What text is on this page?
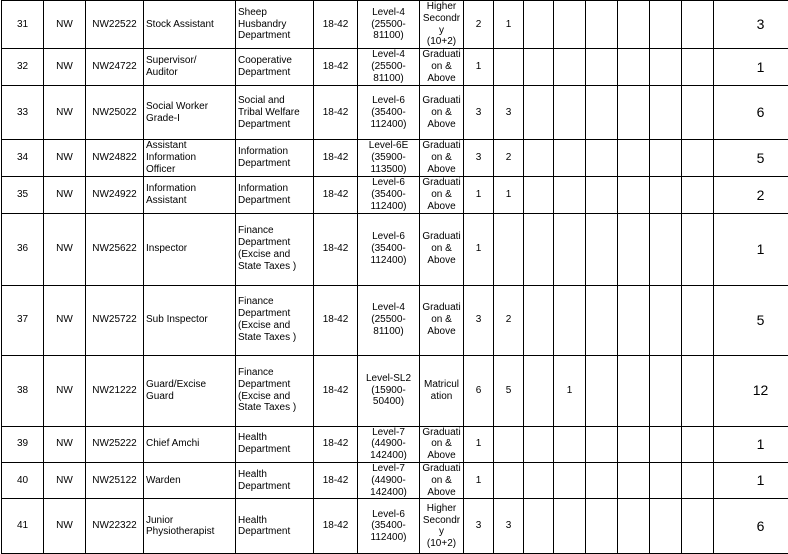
31	NW	NW22522	Stock Assistant	Sheep
Husbandry
Department	18-42	Level-4
(25500-
81100)	Higher
Secondr
y
(10+2)	2	1							3
32	NW	NW24722	Supervisor/
Auditor	Cooperative
Department	18-42	Level-4
(25500-
81100)	Graduati
on &
Above	1								1
33	NW	NW25022	Social Worker
Grade-I	Social and
Tribal Welfare
Department	18-42	Level-6
(35400-
112400)	Graduati
on &
Above	3	3							6
34	NW	NW24822	Assistant
Information
Officer	Information
Department	18-42	Level-6E
(35900-
113500)	Graduati
on &
Above	3	2							5
35	NW	NW24922	Information
Assistant	Information
Department	18-42	Level-6
(35400-
112400)	Graduati
on &
Above	1	1							2
36	NW	NW25622	Inspector	Finance
Department
(Excise and
State Taxes )	18-42	Level-6
(35400-
112400)	Graduati
on &
Above	1								1
37	NW	NW25722	Sub Inspector	Finance
Department
(Excise and
State Taxes )	18-42	Level-4
(25500-
81100)	Graduati
on &
Above	3	2							5
38	NW	NW21222	Guard/Excise
Guard	Finance
Department
(Excise and
State Taxes )	18-42	Level-SL2
(15900-
50400)	Matricul
ation	6	5		1					12
39	NW	NW25222	Chief Amchi	Health
Department	18-42	Level-7
(44900-
142400)	Graduati
on &
Above	1								1
40	NW	NW25122	Warden	Health
Department	18-42	Level-7
(44900-
142400)	Graduati
on &
Above	1								1
41	NW	NW22322	Junior
Physiotherapist	Health
Department	18-42	Level-6
(35400-
112400)	Higher
Secondr
y
(10+2)	3	3							6
